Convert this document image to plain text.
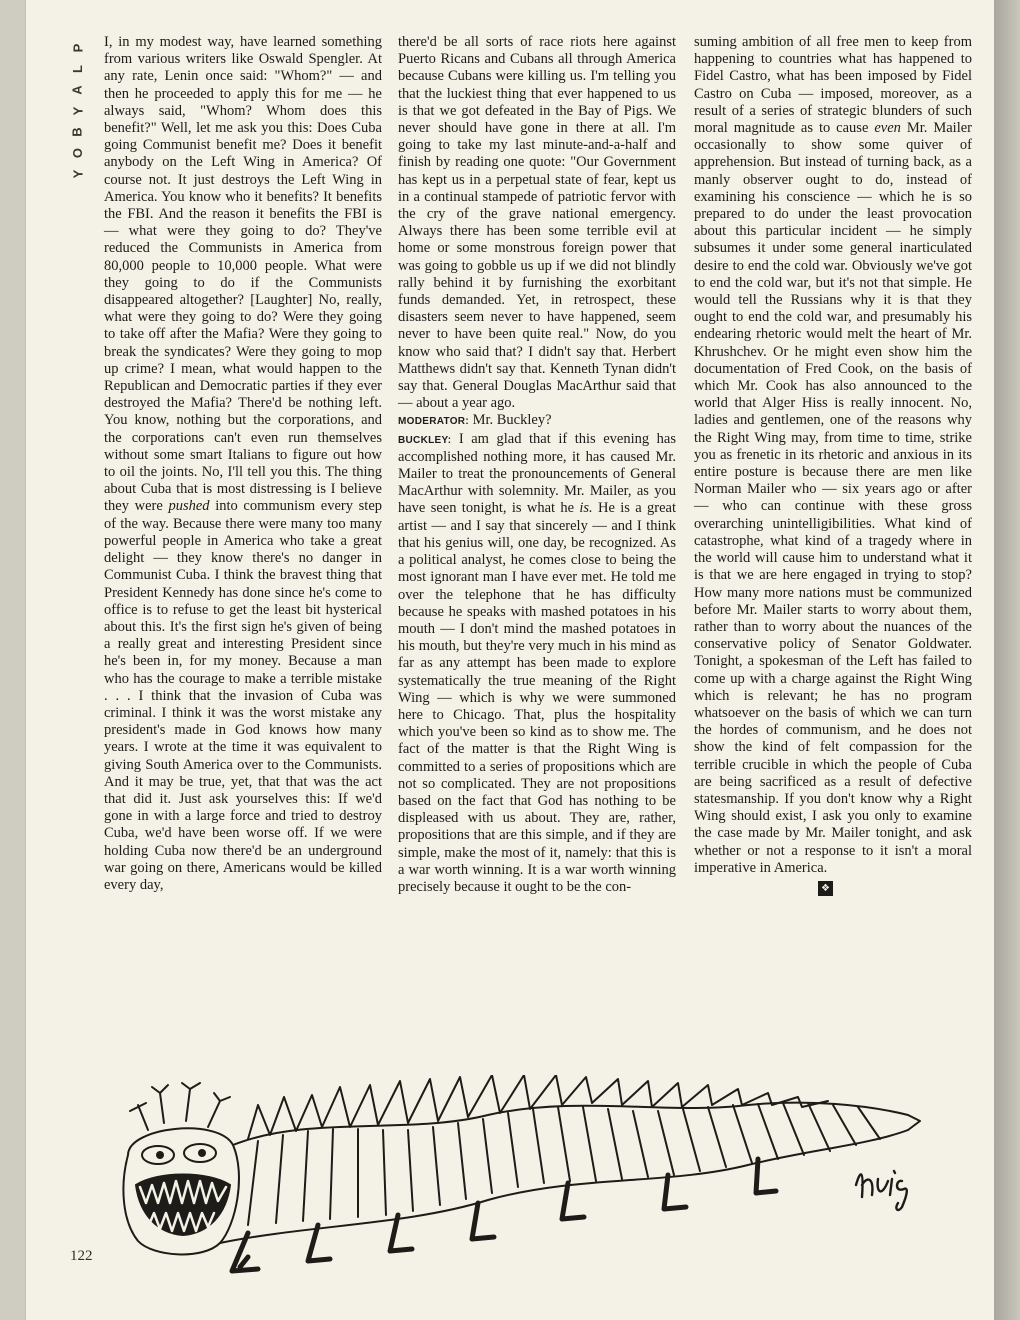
P
L
A
Y
B
O
Y

I, in my modest way, have learned something from various writers like Oswald Spengler. At any rate, Lenin once said: "Whom?" — and then he proceeded to apply this for me — he always said, "Whom? Whom does this benefit?" Well, let me ask you this: Does Cuba going Communist benefit me? Does it benefit anybody on the Left Wing in America? Of course not. It just destroys the Left Wing in America. You know who it benefits? It benefits the FBI. And the reason it benefits the FBI is — what were they going to do? They've reduced the Communists in America from 80,000 people to 10,000 people. What were they going to do if the Communists disappeared altogether? [Laughter] No, really, what were they going to do? Were they going to take off after the Mafia? Were they going to break the syndicates? Were they going to mop up crime? I mean, what would happen to the Republican and Democratic parties if they ever destroyed the Mafia? There'd be nothing left. You know, nothing but the corporations, and the corporations can't even run themselves without some smart Italians to figure out how to oil the joints. No, I'll tell you this. The thing about Cuba that is most distressing is I believe they were pushed into communism every step of the way. Because there were many too many powerful people in America who take a great delight — they know there's no danger in Communist Cuba. I think the bravest thing that President Kennedy has done since he's come to office is to refuse to get the least bit hysterical about this. It's the first sign he's given of being a really great and interesting President since he's been in, for my money. Because a man who has the courage to make a terrible mistake . . . I think that the invasion of Cuba was criminal. I think it was the worst mistake any president's made in God knows how many years. I wrote at the time it was equivalent to giving South America over to the Communists. And it may be true, yet, that that was the act that did it. Just ask yourselves this: If we'd gone in with a large force and tried to destroy Cuba, we'd have been worse off. If we were holding Cuba now there'd be an underground war going on there, Americans would be killed every day,

there'd be all sorts of race riots here against Puerto Ricans and Cubans all through America because Cubans were killing us. I'm telling you that the luckiest thing that ever happened to us is that we got defeated in the Bay of Pigs. We never should have gone in there at all. I'm going to take my last minute-and-a-half and finish by reading one quote: "Our Government has kept us in a perpetual state of fear, kept us in a continual stampede of patriotic fervor with the cry of the grave national emergency. Always there has been some terrible evil at home or some monstrous foreign power that was going to gobble us up if we did not blindly rally behind it by furnishing the exorbitant funds demanded. Yet, in retrospect, these disasters seem never to have happened, seem never to have been quite real." Now, do you know who said that? I didn't say that. Herbert Matthews didn't say that. Kenneth Tynan didn't say that. General Douglas MacArthur said that — about a year ago.
MODERATOR: Mr. Buckley?
BUCKLEY: I am glad that if this evening has accomplished nothing more, it has caused Mr. Mailer to treat the pronouncements of General MacArthur with solemnity. Mr. Mailer, as you have seen tonight, is what he is. He is a great artist — and I say that sincerely — and I think that his genius will, one day, be recognized. As a political analyst, he comes close to being the most ignorant man I have ever met. He told me over the telephone that he has difficulty because he speaks with mashed potatoes in his mouth — I don't mind the mashed potatoes in his mouth, but they're very much in his mind as far as any attempt has been made to explore systematically the true meaning of the Right Wing — which is why we were summoned here to Chicago. That, plus the hospitality which you've been so kind as to show me. The fact of the matter is that the Right Wing is committed to a series of propositions which are not so complicated. They are not propositions based on the fact that God has nothing to be displeased with us about. They are, rather, propositions that are this simple, and if they are simple, make the most of it, namely: that this is a war worth winning. It is a war worth winning precisely because it ought to be the con-

suming ambition of all free men to keep from happening to countries what has happened to Fidel Castro, what has been imposed by Fidel Castro on Cuba — imposed, moreover, as a result of a series of strategic blunders of such moral magnitude as to cause even Mr. Mailer occasionally to show some quiver of apprehension. But instead of turning back, as a manly observer ought to do, instead of examining his conscience — which he is so prepared to do under the least provocation about this particular incident — he simply subsumes it under some general inarticulated desire to end the cold war. Obviously we've got to end the cold war, but it's not that simple. He would tell the Russians why it is that they ought to end the cold war, and presumably his endearing rhetoric would melt the heart of Mr. Khrushchev. Or he might even show him the documentation of Fred Cook, on the basis of which Mr. Cook has also announced to the world that Alger Hiss is really innocent. No, ladies and gentlemen, one of the reasons why the Right Wing may, from time to time, strike you as frenetic in its rhetoric and anxious in its entire posture is because there are men like Norman Mailer who — six years ago or after — who can continue with these gross overarching unintelligibilities. What kind of catastrophe, what kind of a tragedy where in the world will cause him to understand what it is that we are here engaged in trying to stop? How many more nations must be communized before Mr. Mailer starts to worry about them, rather than to worry about the nuances of the conservative policy of Senator Goldwater. Tonight, a spokesman of the Left has failed to come up with a charge against the Right Wing which is relevant; he has no program whatsoever on the basis of which we can turn the hordes of communism, and he does not show the kind of felt compassion for the terrible crucible in which the people of Cuba are being sacrificed as a result of defective statesmanship. If you don't know why a Right Wing should exist, I ask you only to examine the case made by Mr. Mailer tonight, and ask whether or not a response to it isn't a moral imperative in America.

❖
122
